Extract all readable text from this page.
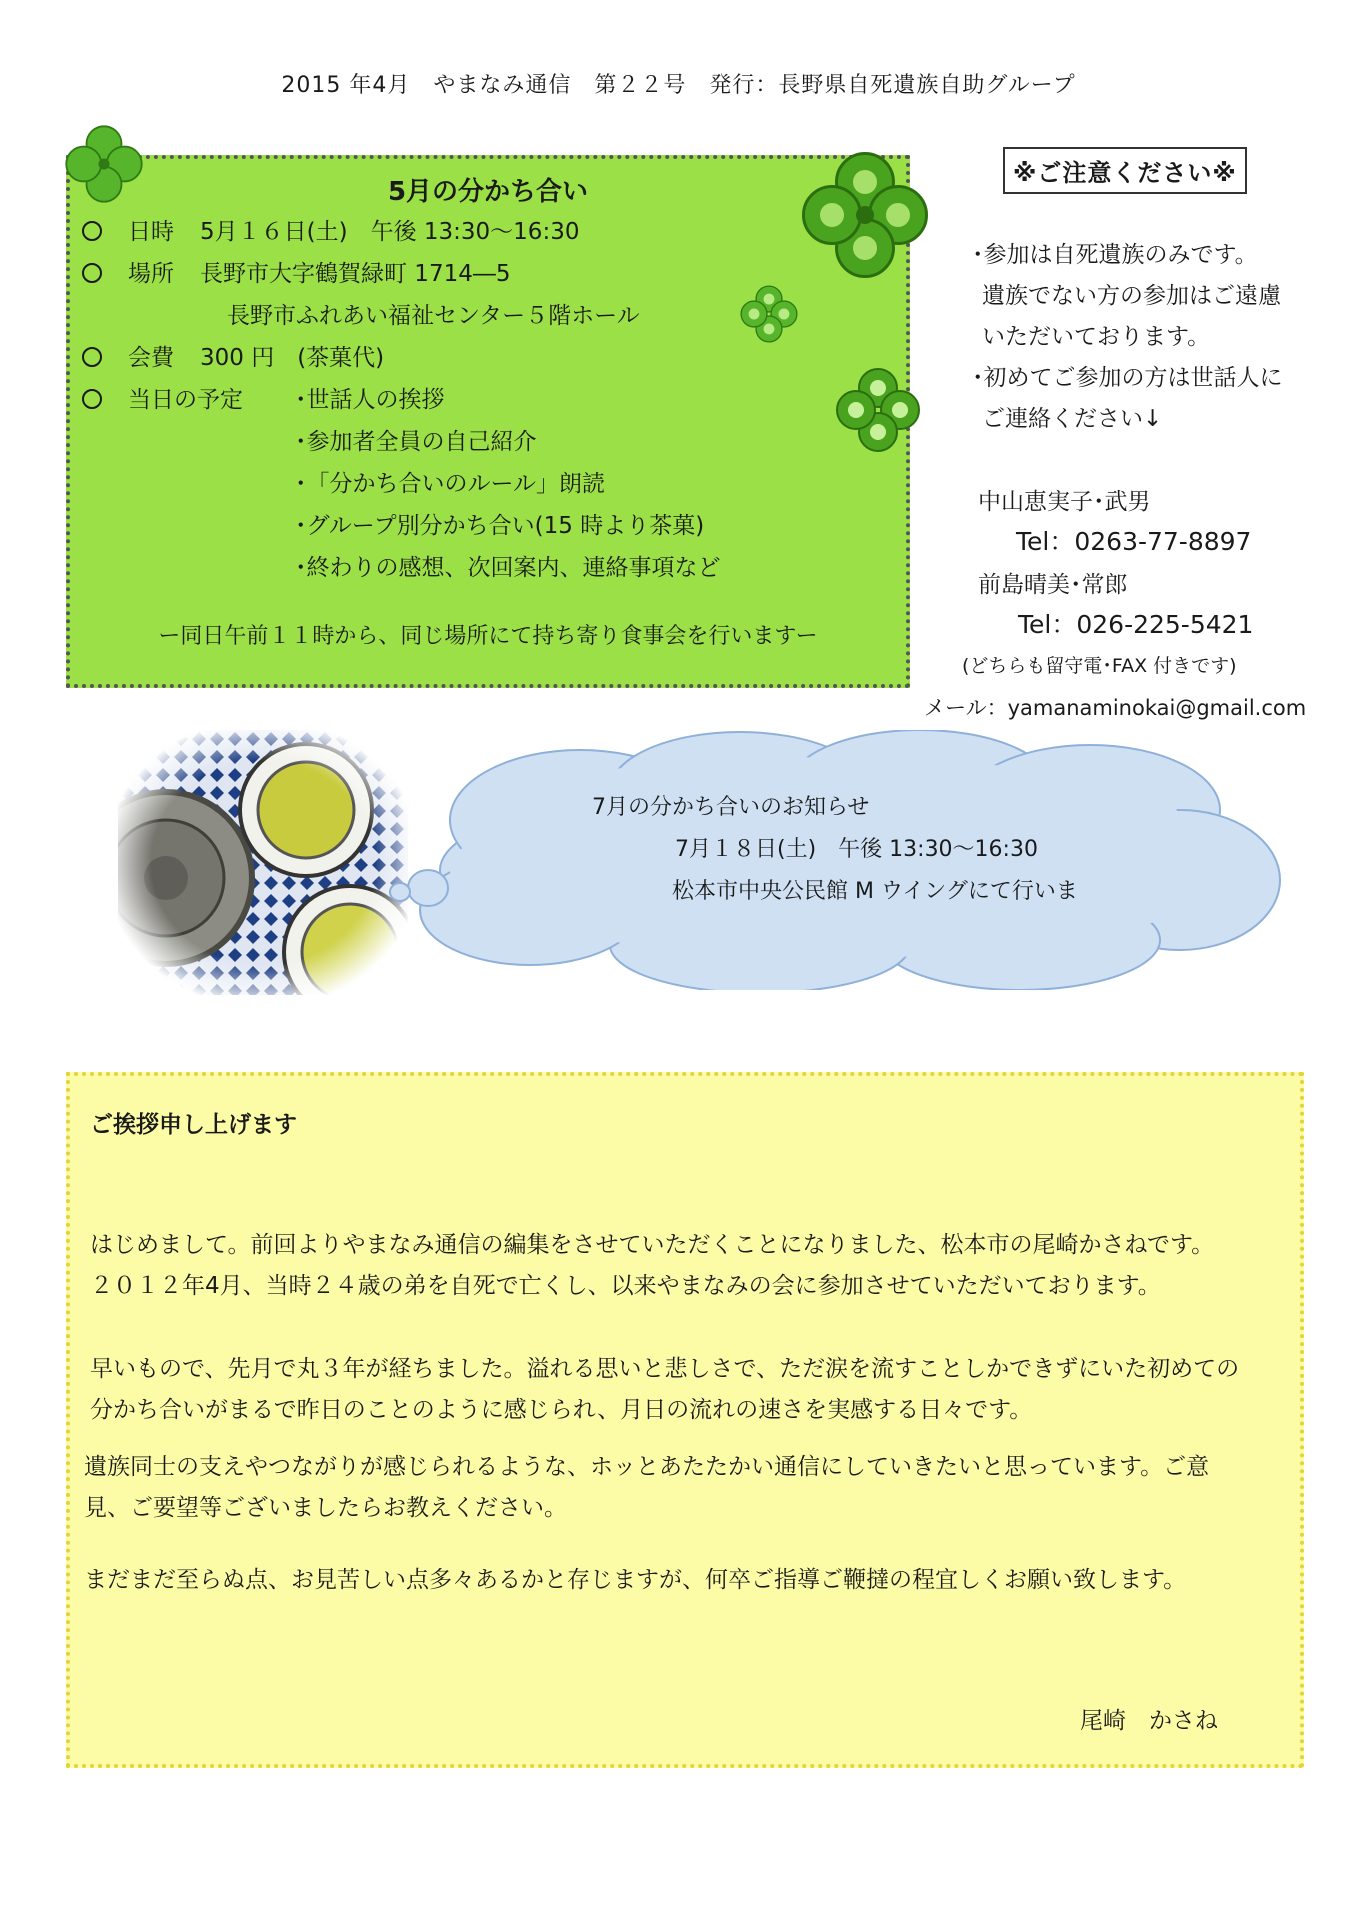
2015 年4月　やまなみ通信　第２２号　発行：長野県自死遺族自助グループ
5月の分かち合い
日時 5月１６日(土)　午後 13:30～16:30
場所 長野市大字鶴賀緑町 1714―5
長野市ふれあい福祉センター５階ホール
会費 300 円　(茶菓代)
当日の予定 ･世話人の挨拶
･参加者全員の自己紹介
･「分かち合いのルール」朗読
･グループ別分かち合い(15 時より茶菓)
･終わりの感想、次回案内、連絡事項など
ー同日午前１１時から、同じ場所にて持ち寄り食事会を行いますー
※ご注意ください※
･参加は自死遺族のみです。
遺族でない方の参加はご遠慮
いただいております。
･初めてご参加の方は世話人に
ご連絡ください↓
中山恵実子･武男
Tel：0263-77-8897
前島晴美･常郎
Tel：026-225-5421
(どちらも留守電･FAX 付きです)
メール：yamanaminokai@gmail.com
7月の分かち合いのお知らせ
7月１８日(土)　午後 13:30～16:30
松本市中央公民館 M ウイングにて行いま
ご挨拶申し上げます
はじめまして。前回よりやまなみ通信の編集をさせていただくことになりました、松本市の尾崎かさねです。
２０１２年4月、当時２４歳の弟を自死で亡くし、以来やまなみの会に参加させていただいております。
早いもので、先月で丸３年が経ちました。溢れる思いと悲しさで、ただ涙を流すことしかできずにいた初めての
分かち合いがまるで昨日のことのように感じられ、月日の流れの速さを実感する日々です。
遺族同士の支えやつながりが感じられるような、ホッとあたたかい通信にしていきたいと思っています。ご意
見、ご要望等ございましたらお教えください。
まだまだ至らぬ点、お見苦しい点多々あるかと存じますが、何卒ご指導ご鞭撻の程宜しくお願い致します。
尾崎　かさね
